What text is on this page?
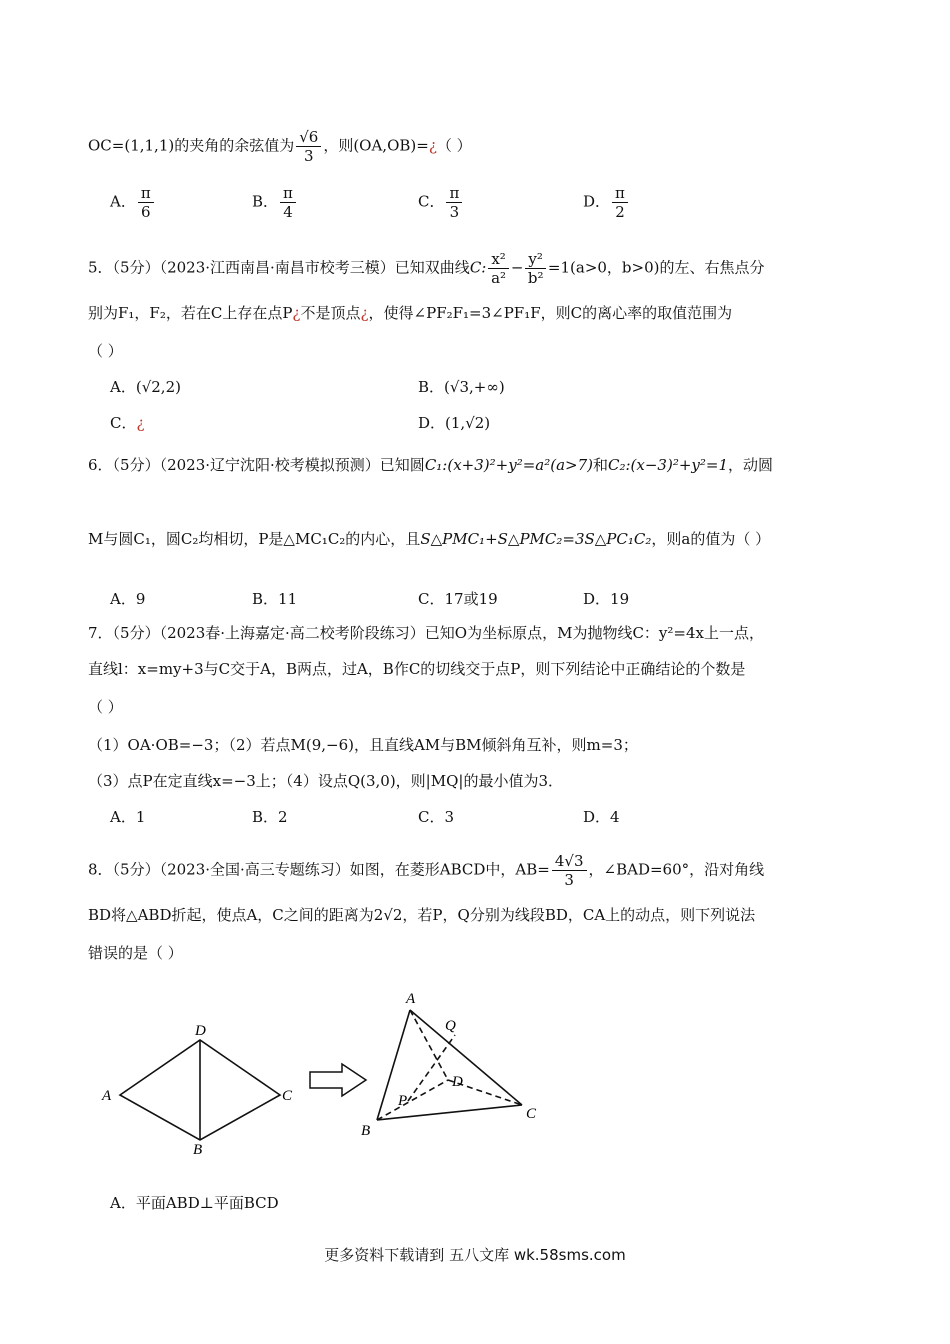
OC=(1,1,1)的夹角的余弦值为 $\frac{√6}{3}$ ，则(OA,OB)=¿（ ）
A． $\frac{\pi}{6}$	B． $\frac{\pi}{4}$	C． $\frac{\pi}{3}$	D． $\frac{\pi}{2}$
5．（5分）（2023·江西南昌·南昌市校考三模）已知双曲线C: $\frac{\text{x²}}{\text{a²}} - \frac{\text{y²}}{\text{b²}} =1(a>0$，b>0)的左、右焦点分
别为F₁，F₂，若在C上存在点P¿不是顶点¿，使得∠PF₂F₁=3∠PF₁F，则C的离心率的取值范围为
（ ）
A．(√2,2)	B．(√3,+∞)
C．¿	D．(1,√2)
6．（5分）（2023·辽宁沈阳·校考模拟预测）已知圆C₁:(x+3)²+y²=a²(a>7)和C₂:(x−3)²+y²=1，动圆
M与圆C₁，圆C₂均相切，P是△MC₁C₂的内心，且S△PMC₁+S△PMC₂=3S△PC₁C₂，则a的值为（ ）
A．9	B．11	C．17或19	D．19
7．（5分）（2023春·上海嘉定·高二校考阶段练习）已知O为坐标原点，M为抛物线C：y²=4x上一点，
直线l：x=my+3与C交于A，B两点，过A，B作C的切线交于点P，则下列结论中正确结论的个数是
（ ）
（1）OA·OB=−3；（2）若点M(9,−6)，且直线AM与BM倾斜角互补，则m=3；
（3）点P在定直线x=−3上；（4）设点Q(3,0)，则|MQ|的最小值为3．
A．1	B．2	C．3	D．4
8．（5分）（2023·全国·高三专题练习）如图，在菱形ABCD中，$AB= \frac{4√3}{3}$ ，∠BAD=60°，沿对角线
BD将△ABD折起，使点A，C之间的距离为2√2，若P，Q分别为线段BD，CA上的动点，则下列说法
错误的是（ ）
A
B
C
D
A
B
C
D
P
Q
A．平面ABD⊥平面BCD
更多资料下载请到 五八文库 wk.58sms.com
